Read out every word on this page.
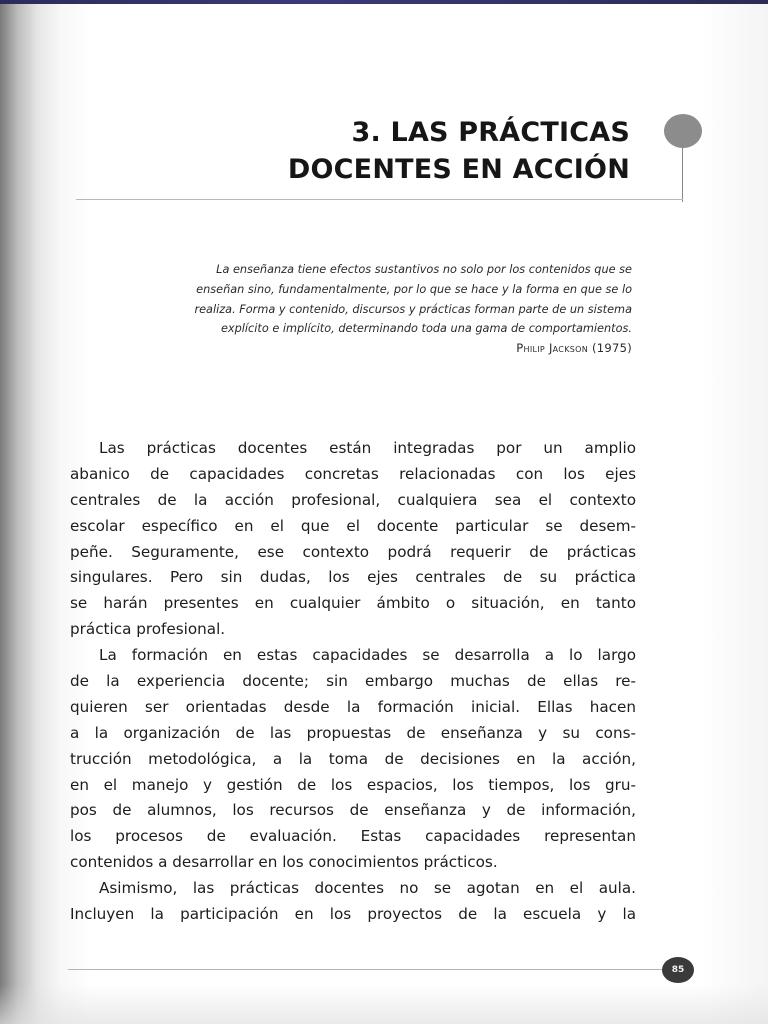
3. LAS PRÁCTICAS
DOCENTES EN ACCIÓN
La enseñanza tiene efectos sustantivos no solo por los contenidos que se
enseñan sino, fundamentalmente, por lo que se hace y la forma en que se lo
realiza. Forma y contenido, discursos y prácticas forman parte de un sistema
explícito e implícito, determinando toda una gama de comportamientos.
Philip Jackson (1975)
Las prácticas docentes están integradas por un amplio
abanico de capacidades concretas relacionadas con los ejes
centrales de la acción profesional, cualquiera sea el contexto
escolar específico en el que el docente particular se desem-
peñe. Seguramente, ese contexto podrá requerir de prácticas
singulares. Pero sin dudas, los ejes centrales de su práctica
se harán presentes en cualquier ámbito o situación, en tanto
práctica profesional.
La formación en estas capacidades se desarrolla a lo largo
de la experiencia docente; sin embargo muchas de ellas re-
quieren ser orientadas desde la formación inicial. Ellas hacen
a la organización de las propuestas de enseñanza y su cons-
trucción metodológica, a la toma de decisiones en la acción,
en el manejo y gestión de los espacios, los tiempos, los gru-
pos de alumnos, los recursos de enseñanza y de información,
los procesos de evaluación. Estas capacidades representan
contenidos a desarrollar en los conocimientos prácticos.
Asimismo, las prácticas docentes no se agotan en el aula.
Incluyen la participación en los proyectos de la escuela y la
85
